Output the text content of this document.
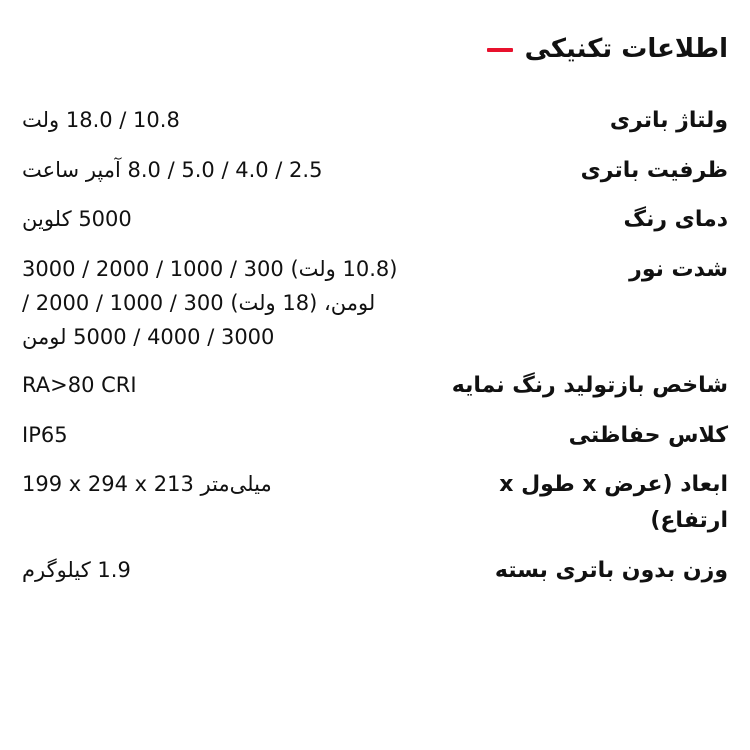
اطلاعات تکنیکی
ولتاژ باتری	10.8 / 18.0 ولت
ظرفیت باتری	2.5 / 4.0 / 5.0 / 8.0 آمپر ساعت
دمای رنگ	5000 کلوین
شدت نور	(10.8 ولت) 300 / 1000 / 2000 / 3000 لومن، (18 ولت) 300 / 1000 / 2000 / 3000 / 4000 / 5000 لومن
شاخص بازتولید رنگ نمایه	RA>80 CRI
کلاس حفاظتی	IP65
ابعاد (عرض x طول x ارتفاع)	199 x 294 x 213 میلی‌متر
وزن بدون باتری بسته	1.9 کیلوگرم
